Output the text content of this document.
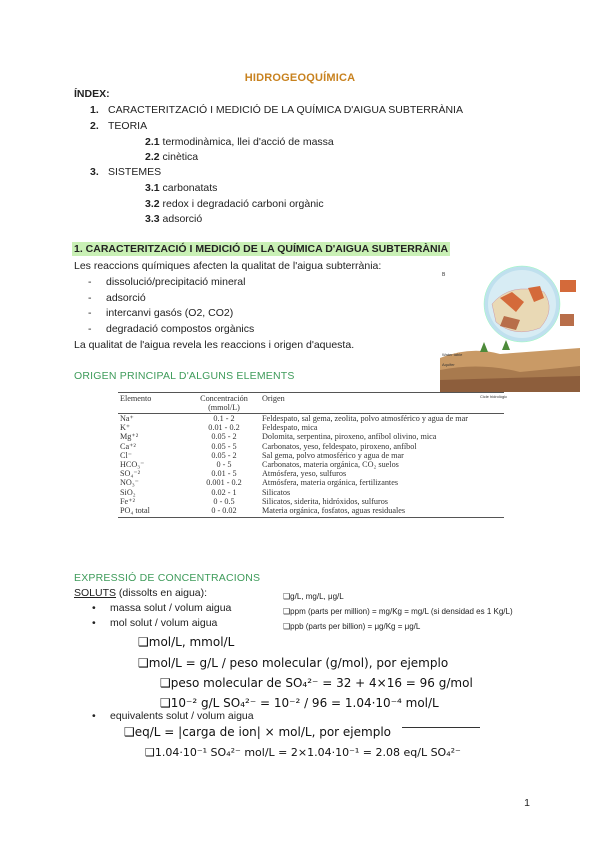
HIDROGEOQUÍMICA
ÍNDEX:
1. CARACTERITZACIÓ I MEDICIÓ DE LA QUÍMICA D'AIGUA SUBTERRÀNIA
2. TEORIA
2.1 termodinàmica, llei d'acció de massa
2.2 cinètica
3. SISTEMES
3.1 carbonatats
3.2 redox i degradació carboni orgànic
3.3 adsorció
1. CARACTERITZACIÓ I MEDICIÓ DE LA QUÍMICA D'AIGUA SUBTERRÀNIA
Les reaccions químiques afecten la qualitat de l'aigua subterrània:
- dissolució/precipitació mineral
- adsorció
- intercanvi gasós (O2, CO2)
- degradació compostos orgànics
La qualitat de l'aigua revela les reaccions i origen d'aquesta.
B
Water table
Aquifer
Cicle hidrològic
ORIGEN PRINCIPAL D'ALGUNS ELEMENTS
Elemento	Concentración (mmol/L)	Origen
Na⁺	0.1 - 2	Feldespato, sal gema, zeolita, polvo atmosférico y agua de mar
K⁺	0.01 - 0.2	Feldespato, mica
Mg⁺²	0.05 - 2	Dolomita, serpentina, piroxeno, anfíbol olivino, mica
Ca⁺²	0.05 - 5	Carbonatos, yeso, feldespato, piroxeno, anfíbol
Cl⁻	0.05 - 2	Sal gema, polvo atmosférico y agua de mar
HCO₃⁻	0 - 5	Carbonatos, materia orgánica, CO₂ suelos
SO₄⁻²	0.01 - 5	Atmósfera, yeso, sulfuros
NO₃⁻	0.001 - 0.2	Atmósfera, materia orgánica, fertilizantes
SiO₂	0.02 - 1	Silicatos
Fe⁺²	0 - 0.5	Silicatos, siderita, hidróxidos, sulfuros
PO₄ total	0 - 0.02	Materia orgánica, fosfatos, aguas residuales
EXPRESSIÓ DE CONCENTRACIONS
SOLUTS (dissolts en aigua):	❑g/L, mg/L, μg/L
❑ppm (parts per million) = mg/Kg = mg/L (si densidad es 1 Kg/L)
❑ppb (parts per billion) = μg/Kg = μg/L
• massa solut / volum aigua
• mol solut / volum aigua
❑mol/L, mmol/L
❑mol/L = g/L / peso molecular (g/mol), por ejemplo
❑peso molecular de SO₄²⁻ = 32 + 4×16 = 96 g/mol
❑10⁻² g/L SO₄²⁻ = 10⁻² / 96 = 1.04·10⁻⁴ mol/L
• equivalents solut / volum aigua
❑eq/L = |carga de ion| × mol/L, por ejemplo
❑1.04·10⁻¹ SO₄²⁻ mol/L = 2×1.04·10⁻¹ = 2.08 eq/L SO₄²⁻
1
